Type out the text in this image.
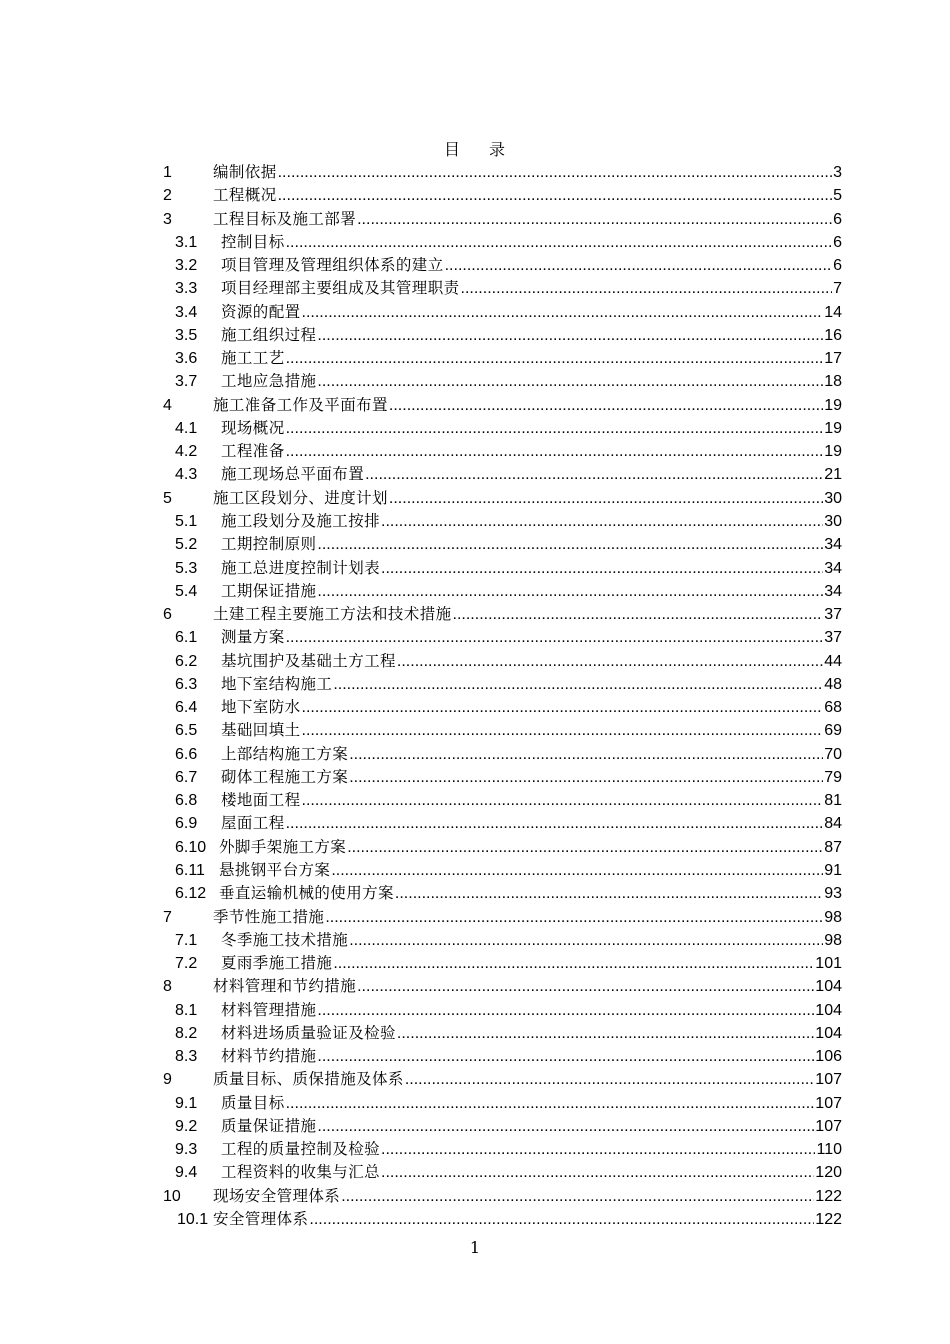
目 录
1	编制依据 .....	3
2	工程概况 .....	5
3	工程目标及施工部署 .....	6
3.1	控制目标 .....	6
3.2	项目管理及管理组织体系的建立 .....	6
3.3	项目经理部主要组成及其管理职责 .....	7
3.4	资源的配置 .....	14
3.5	施工组织过程 .....	16
3.6	施工工艺 .....	17
3.7	工地应急措施 .....	18
4	施工准备工作及平面布置 .....	19
4.1	现场概况 .....	19
4.2	工程准备 .....	19
4.3	施工现场总平面布置 .....	21
5	施工区段划分、进度计划 .....	30
5.1	施工段划分及施工按排 .....	30
5.2	工期控制原则 .....	34
5.3	施工总进度控制计划表 .....	34
5.4	工期保证措施 .....	34
6	土建工程主要施工方法和技术措施 .....	37
6.1	测量方案 .....	37
6.2	基坑围护及基础土方工程 .....	44
6.3	地下室结构施工 .....	48
6.4	地下室防水 .....	68
6.5	基础回填土 .....	69
6.6	上部结构施工方案 .....	70
6.7	砌体工程施工方案 .....	79
6.8	楼地面工程 .....	81
6.9	屋面工程 .....	84
6.10 外脚手架施工方案 .....	87
6.11 悬挑钢平台方案 .....	91
6.12 垂直运输机械的使用方案 .....	93
7	季节性施工措施 .....	98
7.1	冬季施工技术措施 .....	98
7.2	夏雨季施工措施 .....	101
8	材料管理和节约措施 .....	104
8.1	材料管理措施 .....	104
8.2	材料进场质量验证及检验 .....	104
8.3	材料节约措施 .....	106
9	质量目标、质保措施及体系 .....	107
9.1	质量目标 .....	107
9.2	质量保证措施 .....	107
9.3	工程的质量控制及检验 .....	110
9.4	工程资料的收集与汇总 .....	120
10	现场安全管理体系 .....	122
10.1 安全管理体系 .....	122
1
